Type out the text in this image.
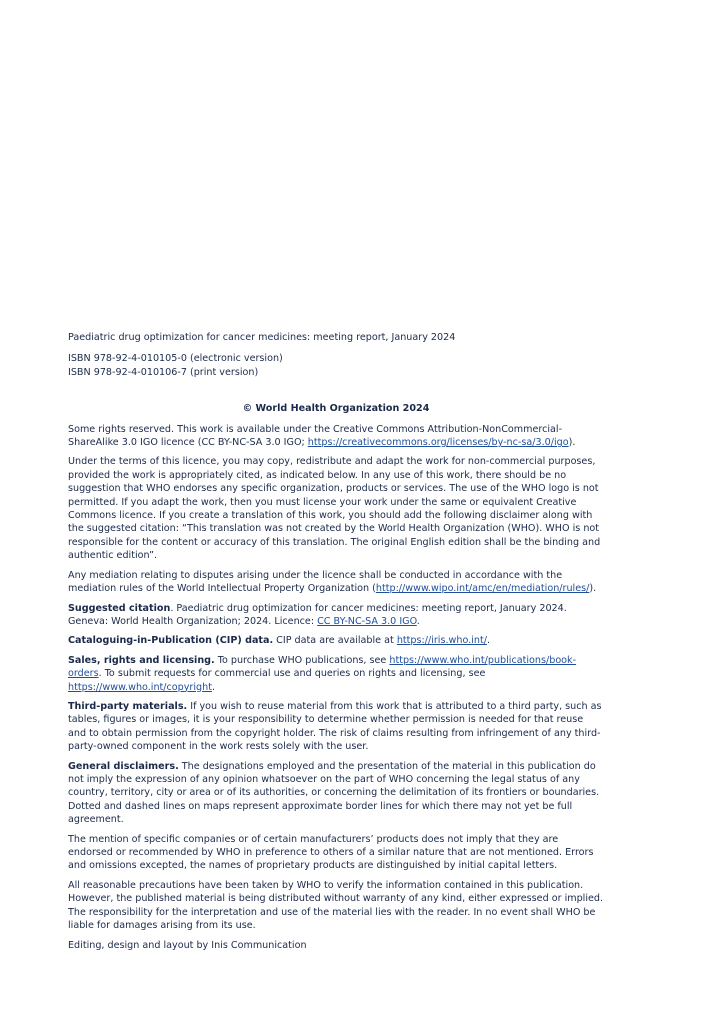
Paediatric drug optimization for cancer medicines: meeting report, January 2024

ISBN 978-92-4-010105-0 (electronic version)

ISBN 978-92-4-010106-7 (print version)

© World Health Organization 2024

Some rights reserved. This work is available under the Creative Commons Attribution-NonCommercial-ShareAlike 3.0 IGO licence (CC BY-NC-SA 3.0 IGO; https://creativecommons.org/licenses/by-nc-sa/3.0/igo).

Under the terms of this licence, you may copy, redistribute and adapt the work for non-commercial purposes, provided the work is appropriately cited, as indicated below. In any use of this work, there should be no suggestion that WHO endorses any specific organization, products or services. The use of the WHO logo is not permitted. If you adapt the work, then you must license your work under the same or equivalent Creative Commons licence. If you create a translation of this work, you should add the following disclaimer along with the suggested citation: “This translation was not created by the World Health Organization (WHO). WHO is not responsible for the content or accuracy of this translation. The original English edition shall be the binding and authentic edition”.

Any mediation relating to disputes arising under the licence shall be conducted in accordance with the mediation rules of the World Intellectual Property Organization (http://www.wipo.int/amc/en/mediation/rules/).

Suggested citation. Paediatric drug optimization for cancer medicines: meeting report, January 2024. Geneva: World Health Organization; 2024. Licence: CC BY-NC-SA 3.0 IGO.

Cataloguing-in-Publication (CIP) data. CIP data are available at https://iris.who.int/.

Sales, rights and licensing. To purchase WHO publications, see https://www.who.int/publications/book-orders. To submit requests for commercial use and queries on rights and licensing, see https://www.who.int/copyright.

Third-party materials. If you wish to reuse material from this work that is attributed to a third party, such as tables, figures or images, it is your responsibility to determine whether permission is needed for that reuse and to obtain permission from the copyright holder. The risk of claims resulting from infringement of any third-party-owned component in the work rests solely with the user.

General disclaimers. The designations employed and the presentation of the material in this publication do not imply the expression of any opinion whatsoever on the part of WHO concerning the legal status of any country, territory, city or area or of its authorities, or concerning the delimitation of its frontiers or boundaries. Dotted and dashed lines on maps represent approximate border lines for which there may not yet be full agreement.

The mention of specific companies or of certain manufacturers’ products does not imply that they are endorsed or recommended by WHO in preference to others of a similar nature that are not mentioned. Errors and omissions excepted, the names of proprietary products are distinguished by initial capital letters.

All reasonable precautions have been taken by WHO to verify the information contained in this publication. However, the published material is being distributed without warranty of any kind, either expressed or implied. The responsibility for the interpretation and use of the material lies with the reader. In no event shall WHO be liable for damages arising from its use.

Editing, design and layout by Inis Communication
